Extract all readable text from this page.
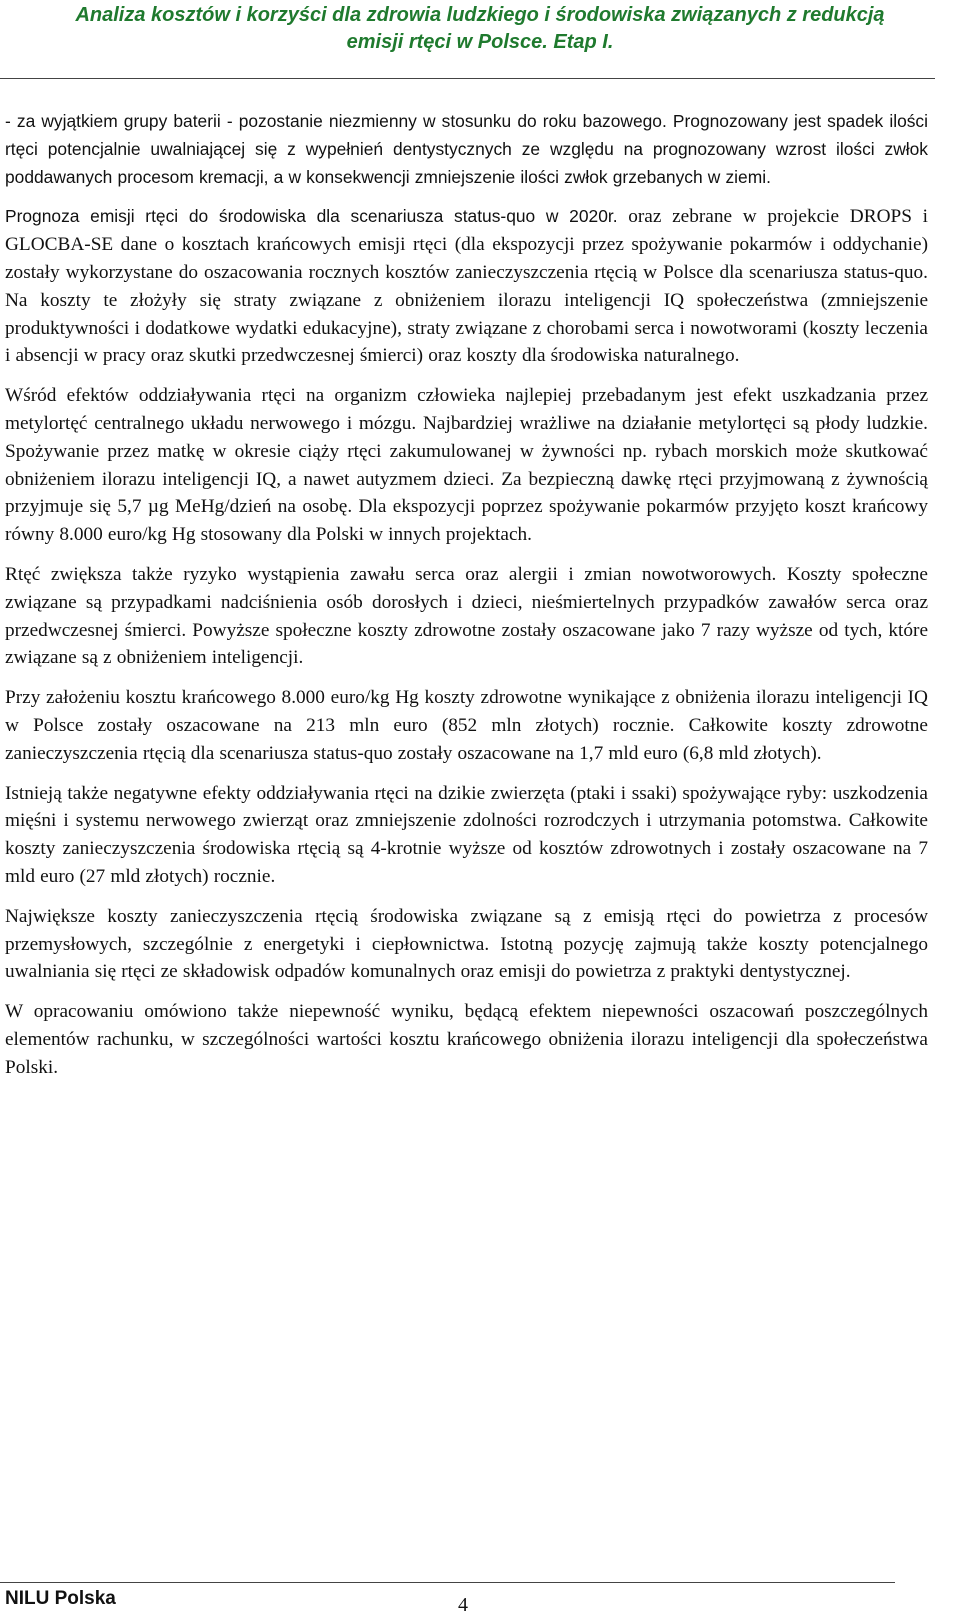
Analiza kosztów i korzyści dla zdrowia ludzkiego i środowiska związanych z redukcją
emisji rtęci w Polsce. Etap I.

- za wyjątkiem grupy baterii - pozostanie niezmienny w stosunku do roku bazowego. Prognozowany jest spadek ilości rtęci potencjalnie uwalniającej się z wypełnień dentystycznych ze względu na prognozowany wzrost ilości zwłok poddawanych procesom kremacji, a w konsekwencji zmniejszenie ilości zwłok grzebanych w ziemi.

Prognoza emisji rtęci do środowiska dla scenariusza status-quo w 2020r. oraz zebrane w projekcie DROPS i GLOCBA-SE dane o kosztach krańcowych emisji rtęci (dla ekspozycji przez spożywanie pokarmów i oddychanie) zostały wykorzystane do oszacowania rocznych kosztów zanieczyszczenia rtęcią w Polsce dla scenariusza status-quo. Na koszty te złożyły się straty związane z obniżeniem ilorazu inteligencji IQ społeczeństwa (zmniejszenie produktywności i dodatkowe wydatki edukacyjne), straty związane z chorobami serca i nowotworami (koszty leczenia i absencji w pracy oraz skutki przedwczesnej śmierci) oraz koszty dla środowiska naturalnego.

Wśród efektów oddziaływania rtęci na organizm człowieka najlepiej przebadanym jest efekt uszkadzania przez metylortęć centralnego układu nerwowego i mózgu. Najbardziej wrażliwe na działanie metylortęci są płody ludzkie. Spożywanie przez matkę w okresie ciąży rtęci zakumulowanej w żywności np. rybach morskich może skutkować obniżeniem ilorazu inteligencji IQ, a nawet autyzmem dzieci. Za bezpieczną dawkę rtęci przyjmowaną z żywnością przyjmuje się 5,7 µg MeHg/dzień na osobę. Dla ekspozycji poprzez spożywanie pokarmów przyjęto koszt krańcowy równy 8.000 euro/kg Hg stosowany dla Polski w innych projektach.

Rtęć zwiększa także ryzyko wystąpienia zawału serca oraz alergii i zmian nowotworowych. Koszty społeczne związane są przypadkami nadciśnienia osób dorosłych i dzieci, nieśmiertelnych przypadków zawałów serca oraz przedwczesnej śmierci. Powyższe społeczne koszty zdrowotne zostały oszacowane jako 7 razy wyższe od tych, które związane są z obniżeniem inteligencji.

Przy założeniu kosztu krańcowego 8.000 euro/kg Hg koszty zdrowotne wynikające z obniżenia ilorazu inteligencji IQ w Polsce zostały oszacowane na 213 mln euro (852 mln złotych) rocznie. Całkowite koszty zdrowotne zanieczyszczenia rtęcią dla scenariusza status-quo zostały oszacowane na 1,7 mld euro (6,8 mld złotych).

Istnieją także negatywne efekty oddziaływania rtęci na dzikie zwierzęta (ptaki i ssaki) spożywające ryby: uszkodzenia mięśni i systemu nerwowego zwierząt oraz zmniejszenie zdolności rozrodczych i utrzymania potomstwa. Całkowite koszty zanieczyszczenia środowiska rtęcią są 4-krotnie wyższe od kosztów zdrowotnych i zostały oszacowane na 7 mld euro (27 mld złotych) rocznie.

Największe koszty zanieczyszczenia rtęcią środowiska związane są z emisją rtęci do powietrza z procesów przemysłowych, szczególnie z energetyki i ciepłownictwa. Istotną pozycję zajmują także koszty potencjalnego uwalniania się rtęci ze składowisk odpadów komunalnych oraz emisji do powietrza z praktyki dentystycznej.

W opracowaniu omówiono także niepewność wyniku, będącą efektem niepewności oszacowań poszczególnych elementów rachunku, w szczególności wartości kosztu krańcowego obniżenia ilorazu inteligencji dla społeczeństwa Polski.

NILU Polska	4
